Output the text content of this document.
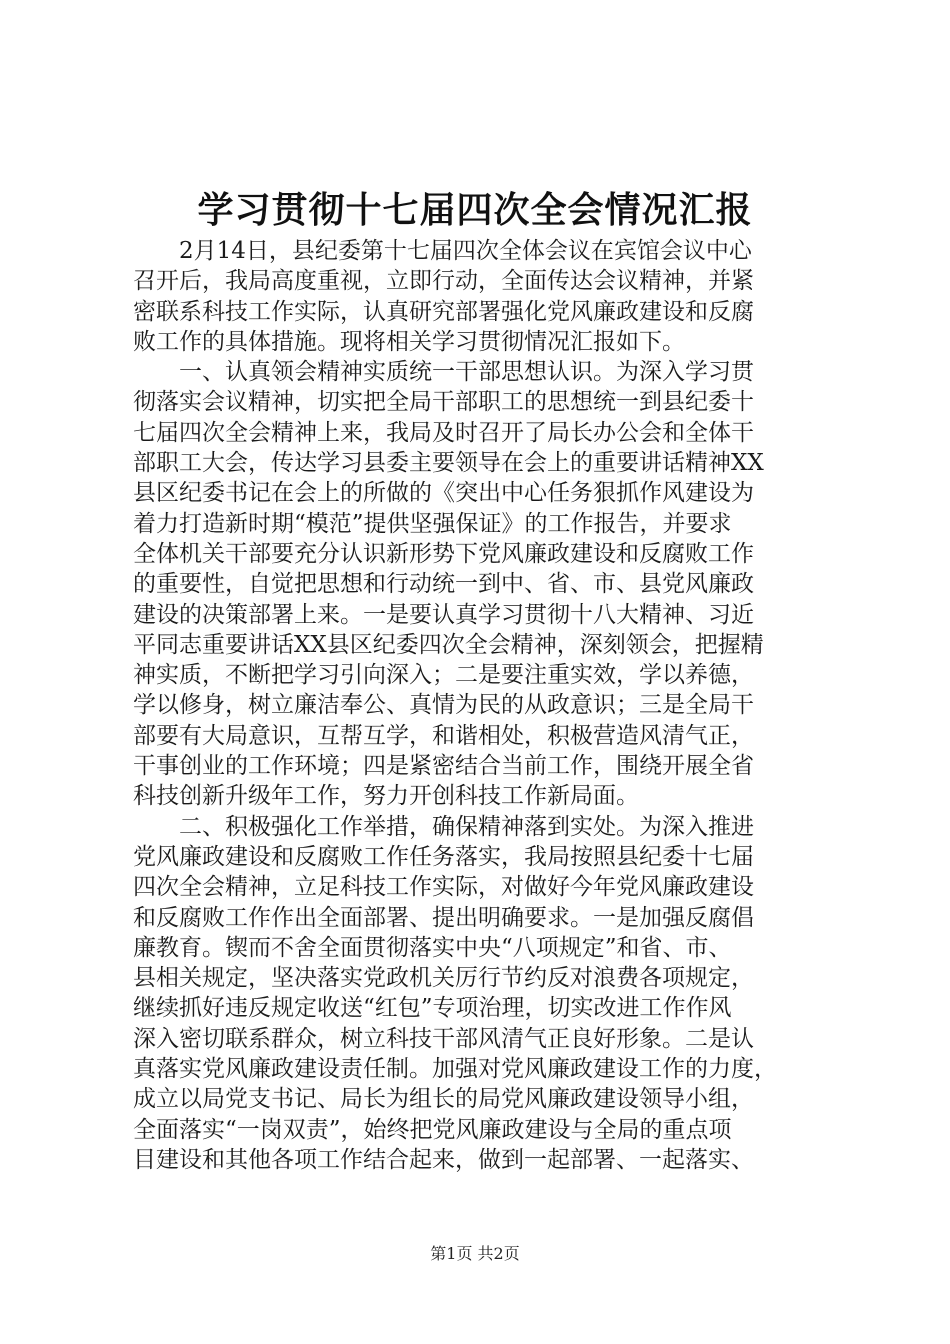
学习贯彻十七届四次全会情况汇报
　　2月14日，县纪委第十七届四次全体会议在宾馆会议中心
召开后，我局高度重视，立即行动，全面传达会议精神，并紧
密联系科技工作实际，认真研究部署强化党风廉政建设和反腐
败工作的具体措施。现将相关学习贯彻情况汇报如下。
　　一、认真领会精神实质统一干部思想认识。为深入学习贯
彻落实会议精神，切实把全局干部职工的思想统一到县纪委十
七届四次全会精神上来，我局及时召开了局长办公会和全体干
部职工大会，传达学习县委主要领导在会上的重要讲话精神XX
县区纪委书记在会上的所做的《突出中心任务狠抓作风建设为
着力打造新时期“模范”提供坚强保证》的工作报告，并要求
全体机关干部要充分认识新形势下党风廉政建设和反腐败工作
的重要性，自觉把思想和行动统一到中、省、市、县党风廉政
建设的决策部署上来。一是要认真学习贯彻十八大精神、习近
平同志重要讲话XX县区纪委四次全会精神，深刻领会，把握精
神实质，不断把学习引向深入；二是要注重实效，学以养德，
学以修身，树立廉洁奉公、真情为民的从政意识；三是全局干
部要有大局意识，互帮互学，和谐相处，积极营造风清气正，
干事创业的工作环境；四是紧密结合当前工作，围绕开展全省
科技创新升级年工作，努力开创科技工作新局面。
　　二、积极强化工作举措，确保精神落到实处。为深入推进
党风廉政建设和反腐败工作任务落实，我局按照县纪委十七届
四次全会精神，立足科技工作实际，对做好今年党风廉政建设
和反腐败工作作出全面部署、提出明确要求。一是加强反腐倡
廉教育。锲而不舍全面贯彻落实中央“八项规定”和省、市、
县相关规定，坚决落实党政机关厉行节约反对浪费各项规定，
继续抓好违反规定收送“红包”专项治理，切实改进工作作风
深入密切联系群众，树立科技干部风清气正良好形象。二是认
真落实党风廉政建设责任制。加强对党风廉政建设工作的力度，
成立以局党支书记、局长为组长的局党风廉政建设领导小组，
全面落实“一岗双责”，始终把党风廉政建设与全局的重点项
目建设和其他各项工作结合起来，做到一起部署、一起落实、
第1页 共2页
